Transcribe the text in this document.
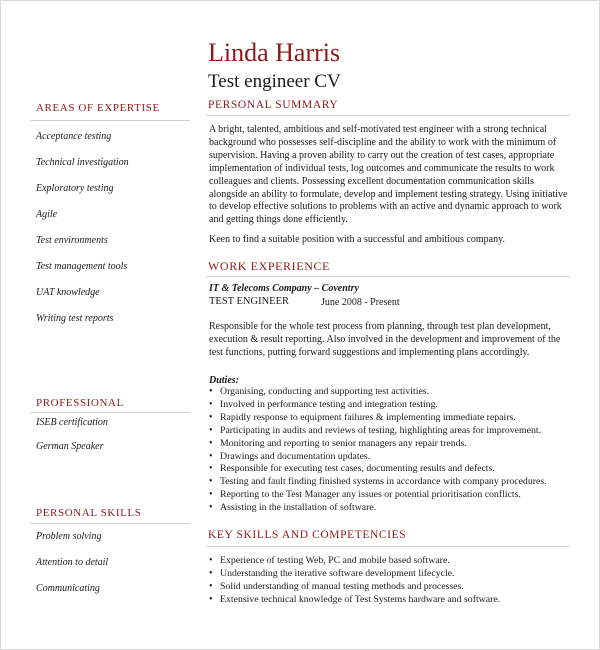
Linda Harris
Test engineer CV
AREAS OF EXPERTISE
Acceptance testing
Technical investigation
Exploratory testing
Agile
Test environments
Test management tools
UAT knowledge
Writing test reports
PROFESSIONAL
ISEB certification
German Speaker
PERSONAL SKILLS
Problem solving
Attention to detail
Communicating
PERSONAL SUMMARY

A bright, talented, ambitious and self-motivated test engineer with a strong technical background who possesses self-discipline and the ability to work with the minimum of supervision. Having a proven ability to carry out the creation of test cases, appropriate implementation of individual tests, log outcomes and communicate the results to work colleagues and clients. Possessing excellent documentation communication skills alongside an ability to formulate, develop and implement testing strategy. Using initiative to develop effective solutions to problems with an active and dynamic approach to work and getting things done efficiently.

Keen to find a suitable position with a successful and ambitious company.

WORK EXPERIENCE
IT & Telecoms Company – Coventry
TEST ENGINEER	June 2008 - Present

Responsible for the whole test process from planning, through test plan development, execution & result reporting. Also involved in the development and improvement of the test functions, putting forward suggestions and implementing plans accordingly.

Duties:
• Organising, conducting and supporting test activities.
• Involved in performance testing and integration testing.
• Rapidly response to equipment failures & implementing immediate repairs.
• Participating in audits and reviews of testing, highlighting areas for improvement.
• Monitoring and reporting to senior managers any repair trends.
• Drawings and documentation updates.
• Responsible for executing test cases, documenting results and defects.
• Testing and fault finding finished systems in accordance with company procedures.
• Reporting to the Test Manager any issues or potential prioritisation conflicts.
• Assisting in the installation of software.
KEY SKILLS AND COMPETENCIES
• Experience of testing Web, PC and mobile based software.
• Understanding the iterative software development lifecycle.
• Solid understanding of manual testing methods and processes.
• Extensive technical knowledge of Test Systems hardware and software.
